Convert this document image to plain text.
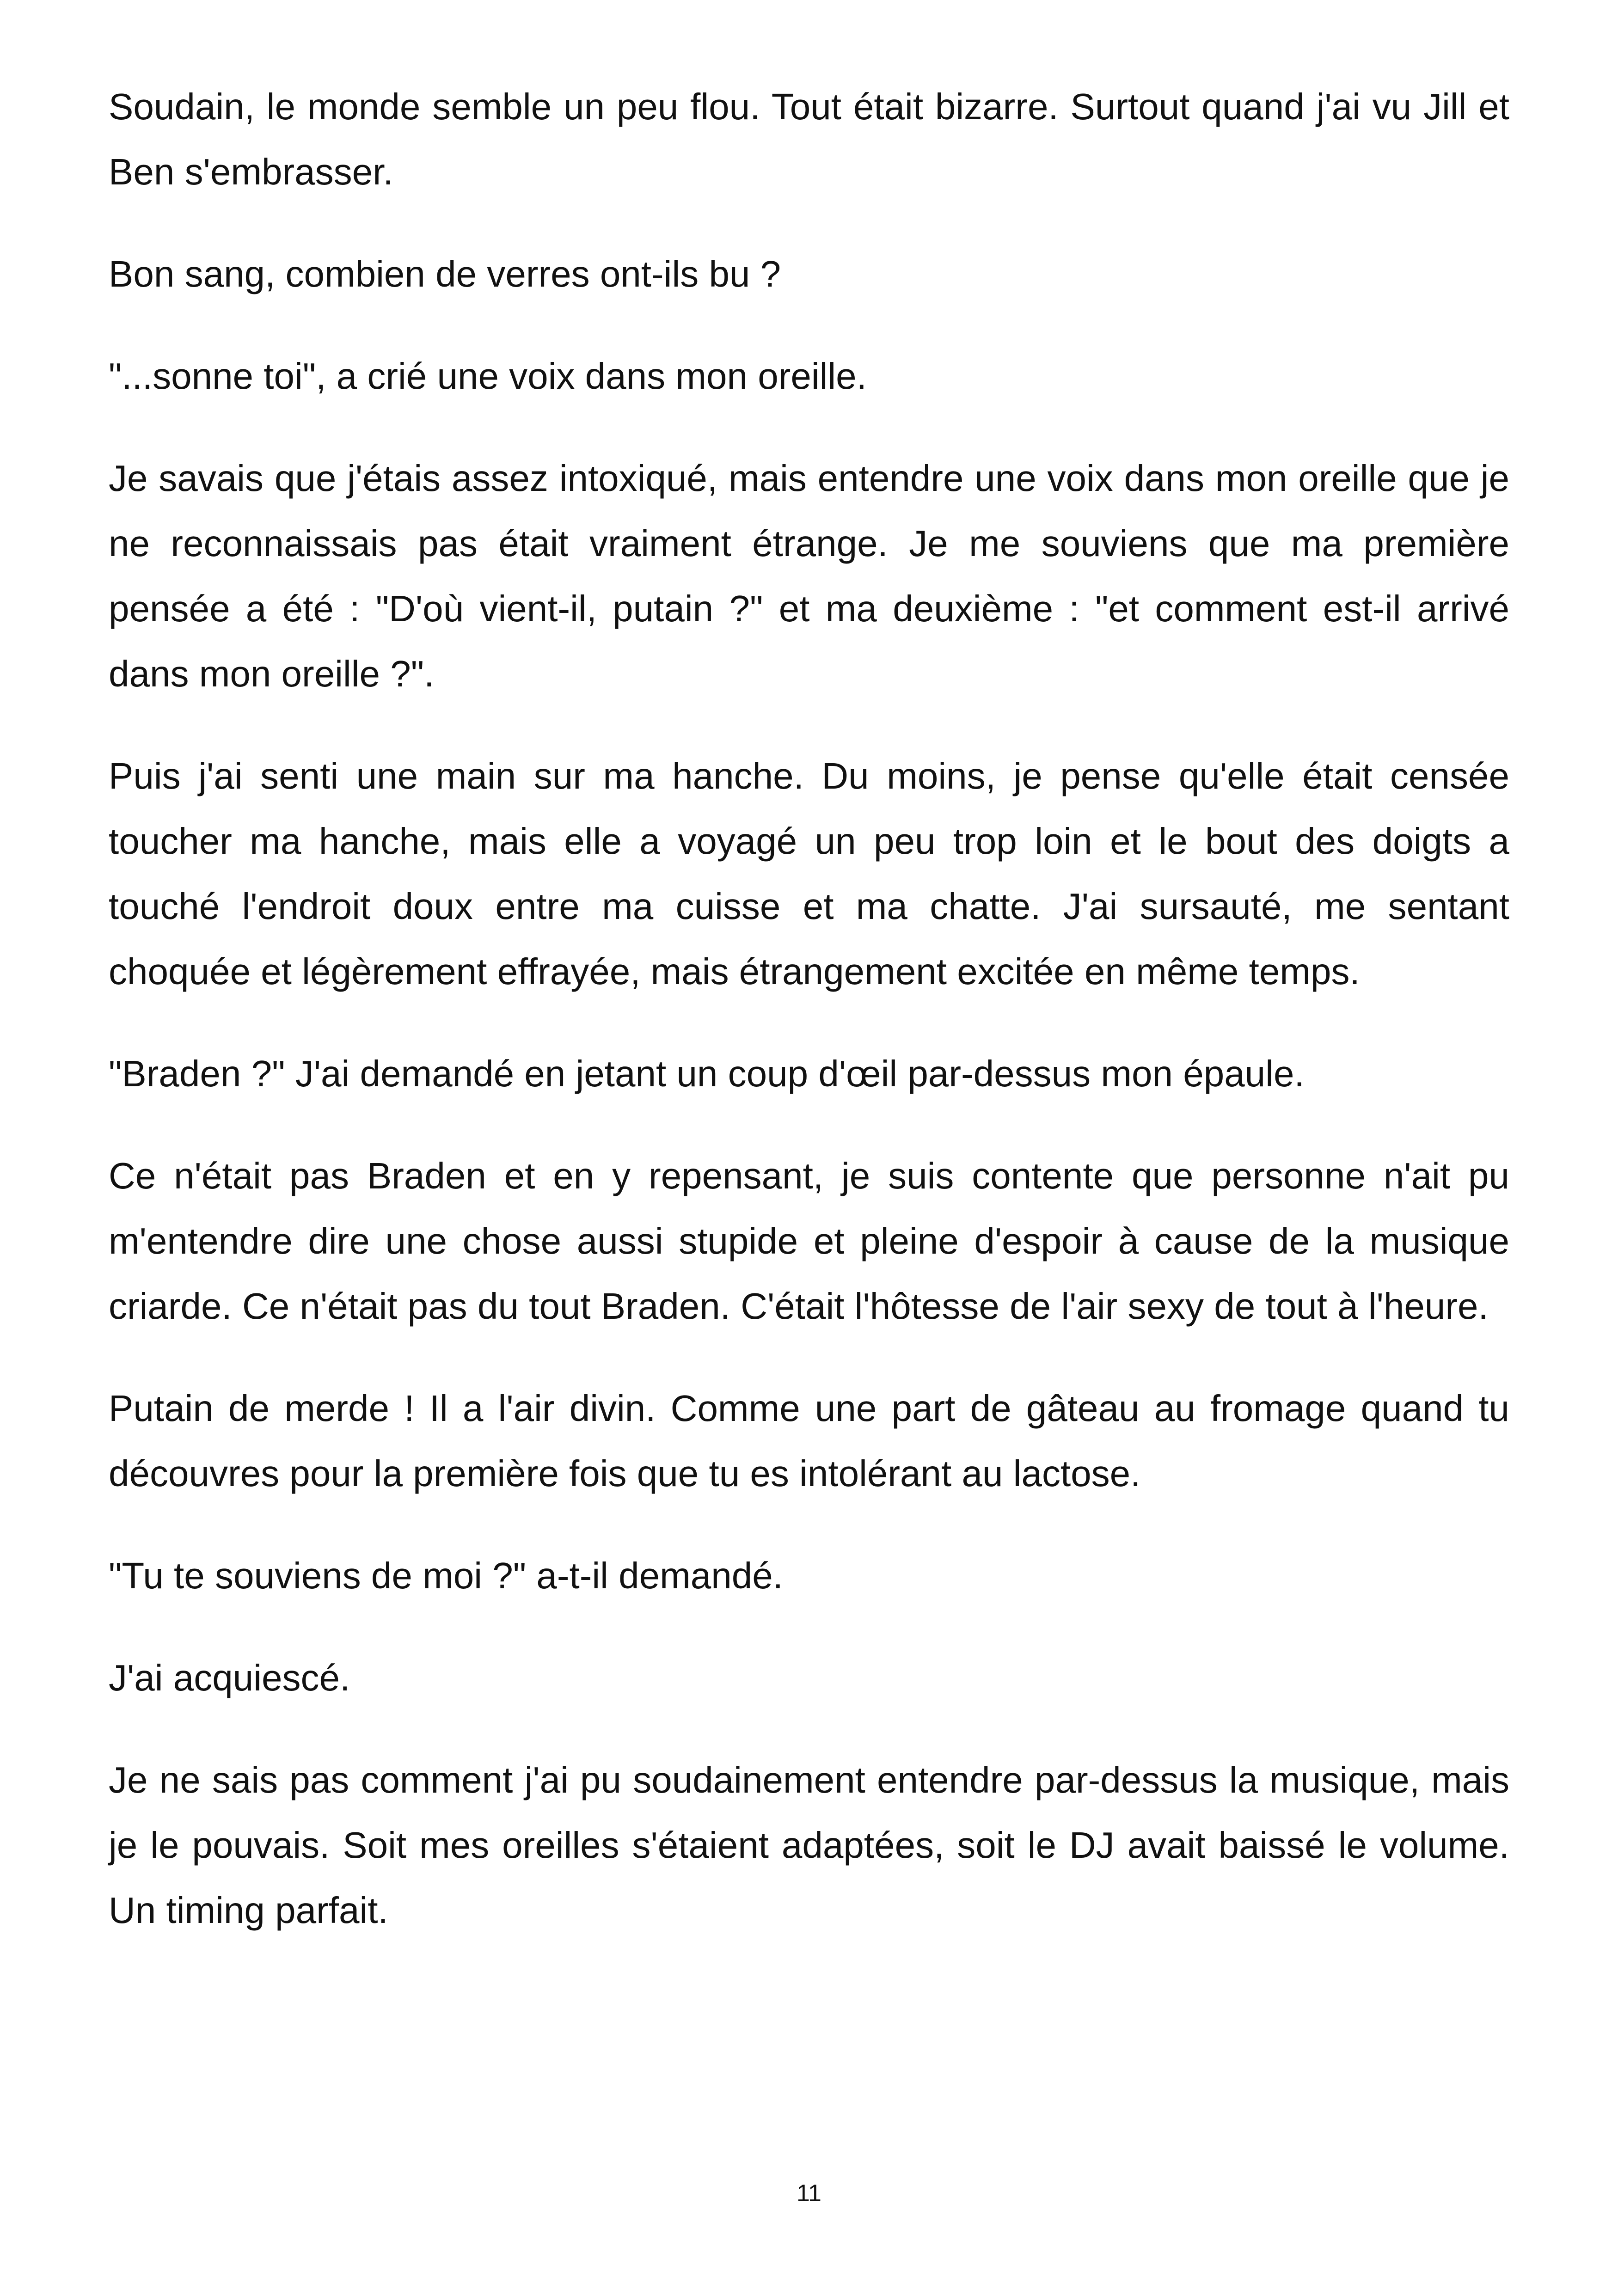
Soudain, le monde semble un peu flou. Tout était bizarre. Surtout quand j'ai vu Jill et Ben s'embrasser.

Bon sang, combien de verres ont-ils bu ?

"...sonne toi", a crié une voix dans mon oreille.

Je savais que j'étais assez intoxiqué, mais entendre une voix dans mon oreille que je ne reconnaissais pas était vraiment étrange. Je me souviens que ma première pensée a été : "D'où vient-il, putain ?" et ma deuxième : "et comment est-il arrivé dans mon oreille ?".

Puis j'ai senti une main sur ma hanche. Du moins, je pense qu'elle était censée toucher ma hanche, mais elle a voyagé un peu trop loin et le bout des doigts a touché l'endroit doux entre ma cuisse et ma chatte. J'ai sursauté, me sentant choquée et légèrement effrayée, mais étrangement excitée en même temps.

"Braden ?" J'ai demandé en jetant un coup d'œil par-dessus mon épaule.

Ce n'était pas Braden et en y repensant, je suis contente que personne n'ait pu m'entendre dire une chose aussi stupide et pleine d'espoir à cause de la musique criarde. Ce n'était pas du tout Braden. C'était l'hôtesse de l'air sexy de tout à l'heure.

Putain de merde ! Il a l'air divin. Comme une part de gâteau au fromage quand tu découvres pour la première fois que tu es intolérant au lactose.

"Tu te souviens de moi ?" a-t-il demandé.

J'ai acquiescé.

Je ne sais pas comment j'ai pu soudainement entendre par-dessus la musique, mais je le pouvais. Soit mes oreilles s'étaient adaptées, soit le DJ avait baissé le volume. Un timing parfait.

11
